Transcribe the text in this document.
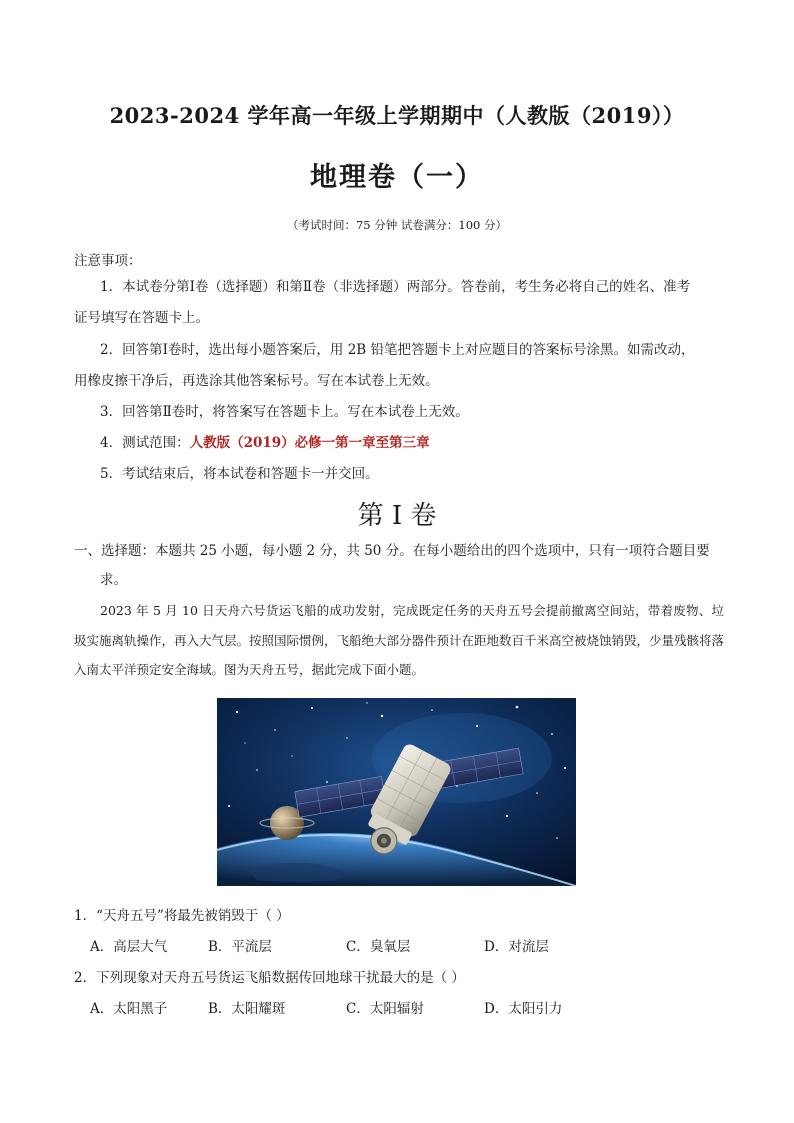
2023-2024 学年高一年级上学期期中（人教版（2019））
地理卷（一）
（考试时间：75 分钟 试卷满分：100 分）
注意事项：
1．本试卷分第Ⅰ卷（选择题）和第Ⅱ卷（非选择题）两部分。答卷前，考生务必将自己的姓名、准考
证号填写在答题卡上。
2．回答第Ⅰ卷时，选出每小题答案后，用 2B 铅笔把答题卡上对应题目的答案标号涂黑。如需改动，
用橡皮擦干净后，再选涂其他答案标号。写在本试卷上无效。
3．回答第Ⅱ卷时，将答案写在答题卡上。写在本试卷上无效。
4．测试范围：人教版（2019）必修一第一章至第三章
5．考试结束后，将本试卷和答题卡一并交回。
第 I 卷
一、选择题：本题共 25 小题，每小题 2 分，共 50 分。在每小题给出的四个选项中，只有一项符合题目要
求。
2023 年 5 月 10 日天舟六号货运飞船的成功发射，完成既定任务的天舟五号会提前撤离空间站，带着废物、垃圾实施离轨操作，再入大气层。按照国际惯例，飞船绝大部分器件预计在距地数百千米高空被烧蚀销毁，少量残骸将落入南太平洋预定安全海域。图为天舟五号，据此完成下面小题。
1．“天舟五号”将最先被销毁于（ ）
A．高层大气	B．平流层	C．臭氧层	D．对流层
2．下列现象对天舟五号货运飞船数据传回地球干扰最大的是（ ）
A．太阳黑子	B．太阳耀斑	C．太阳辐射	D．太阳引力
